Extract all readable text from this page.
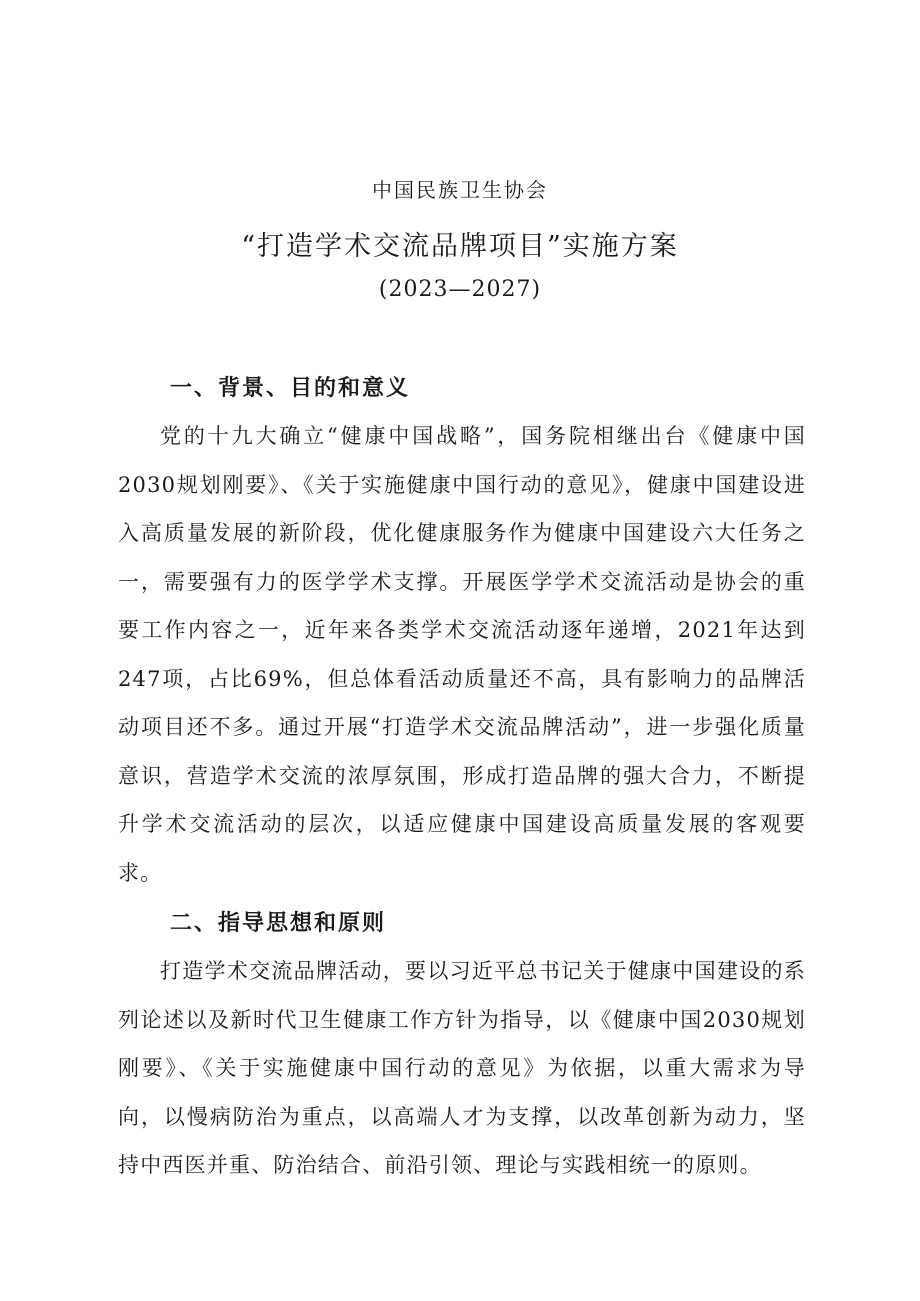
中国民族卫生协会
“打造学术交流品牌项目”实施方案
(2023—2027)
一、背景、目的和意义

党的十九大确立“健康中国战略”，国务院相继出台《健康中国2030规划刚要》、《关于实施健康中国行动的意见》，健康中国建设进入高质量发展的新阶段，优化健康服务作为健康中国建设六大任务之一，需要强有力的医学学术支撑。开展医学学术交流活动是协会的重要工作内容之一，近年来各类学术交流活动逐年递增，2021年达到247项，占比69%，但总体看活动质量还不高，具有影响力的品牌活动项目还不多。通过开展“打造学术交流品牌活动”，进一步强化质量意识，营造学术交流的浓厚氛围，形成打造品牌的强大合力，不断提升学术交流活动的层次，以适应健康中国建设高质量发展的客观要求。

二、指导思想和原则

打造学术交流品牌活动，要以习近平总书记关于健康中国建设的系列论述以及新时代卫生健康工作方针为指导，以《健康中国2030规划刚要》、《关于实施健康中国行动的意见》为依据，以重大需求为导向，以慢病防治为重点，以高端人才为支撑，以改革创新为动力，坚持中西医并重、防治结合、前沿引领、理论与实践相统一的原则。
